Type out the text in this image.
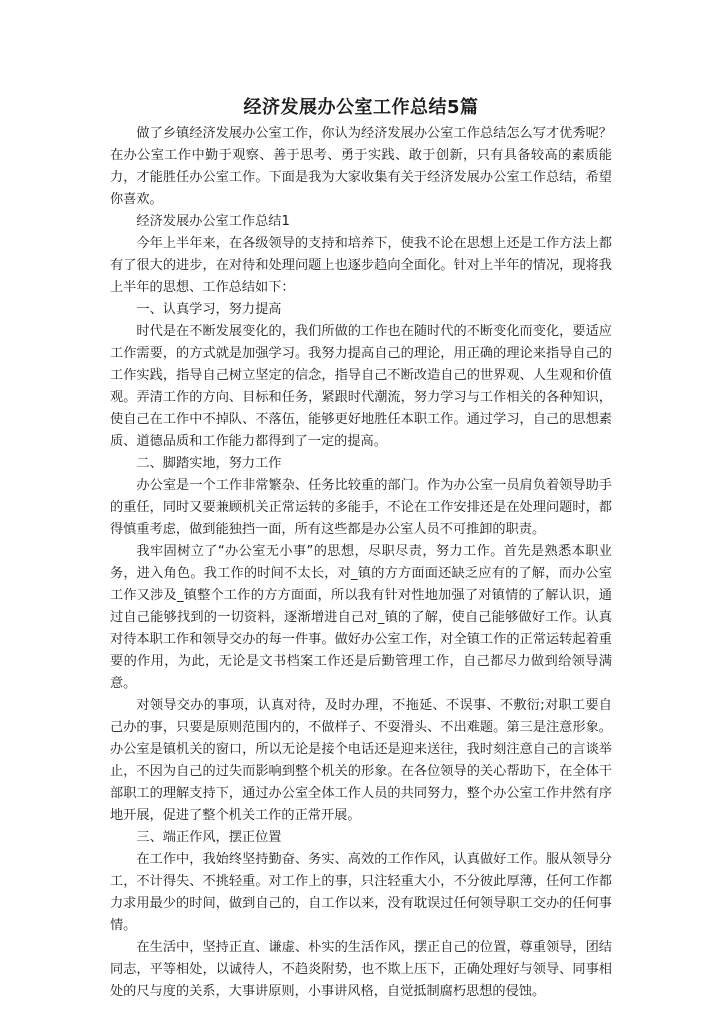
经济发展办公室工作总结5篇

做了乡镇经济发展办公室工作，你认为经济发展办公室工作总结怎么写才优秀呢？在办公室工作中勤于观察、善于思考、勇于实践、敢于创新，只有具备较高的素质能力，才能胜任办公室工作。下面是我为大家收集有关于经济发展办公室工作总结，希望你喜欢。

经济发展办公室工作总结1

今年上半年来，在各级领导的支持和培养下，使我不论在思想上还是工作方法上都有了很大的进步，在对待和处理问题上也逐步趋向全面化。针对上半年的情况，现将我上半年的思想、工作总结如下：

一、认真学习，努力提高

时代是在不断发展变化的，我们所做的工作也在随时代的不断变化而变化，要适应工作需要，的方式就是加强学习。我努力提高自己的理论，用正确的理论来指导自己的工作实践，指导自己树立坚定的信念，指导自己不断改造自己的世界观、人生观和价值观。弄清工作的方向、目标和任务，紧跟时代潮流，努力学习与工作相关的各种知识，使自己在工作中不掉队、不落伍，能够更好地胜任本职工作。通过学习，自己的思想素质、道德品质和工作能力都得到了一定的提高。

二、脚踏实地，努力工作

办公室是一个工作非常繁杂、任务比较重的部门。作为办公室一员肩负着领导助手的重任，同时又要兼顾机关正常运转的多能手，不论在工作安排还是在处理问题时，都得慎重考虑，做到能独挡一面，所有这些都是办公室人员不可推卸的职责。

我牢固树立了“办公室无小事”的思想，尽职尽责，努力工作。首先是熟悉本职业务，进入角色。我工作的时间不太长，对_镇的方方面面还缺乏应有的了解，而办公室工作又涉及_镇整个工作的方方面面，所以我有针对性地加强了对镇情的了解认识，通过自己能够找到的一切资料，逐渐增进自己对_镇的了解，使自己能够做好工作。认真对待本职工作和领导交办的每一件事。做好办公室工作，对全镇工作的正常运转起着重要的作用，为此，无论是文书档案工作还是后勤管理工作，自己都尽力做到给领导满意。

对领导交办的事项，认真对待，及时办理，不拖延、不误事、不敷衍;对职工要自己办的事，只要是原则范围内的，不做样子、不耍滑头、不出难题。第三是注意形象。办公室是镇机关的窗口，所以无论是接个电话还是迎来送往，我时刻注意自己的言谈举止，不因为自己的过失而影响到整个机关的形象。在各位领导的关心帮助下，在全体干部职工的理解支持下，通过办公室全体工作人员的共同努力，整个办公室工作井然有序地开展，促进了整个机关工作的正常开展。

三、端正作风，摆正位置

在工作中，我始终坚持勤奋、务实、高效的工作作风，认真做好工作。服从领导分工，不计得失、不挑轻重。对工作上的事，只注轻重大小，不分彼此厚薄，任何工作都力求用最少的时间，做到自己的，自工作以来，没有耽误过任何领导职工交办的任何事情。

在生活中，坚持正直、谦虚、朴实的生活作风，摆正自己的位置，尊重领导，团结同志，平等相处，以诚待人，不趋炎附势，也不欺上压下，正确处理好与领导、同事相处的尺与度的关系，大事讲原则，小事讲风格，自觉抵制腐朽思想的侵蚀。
